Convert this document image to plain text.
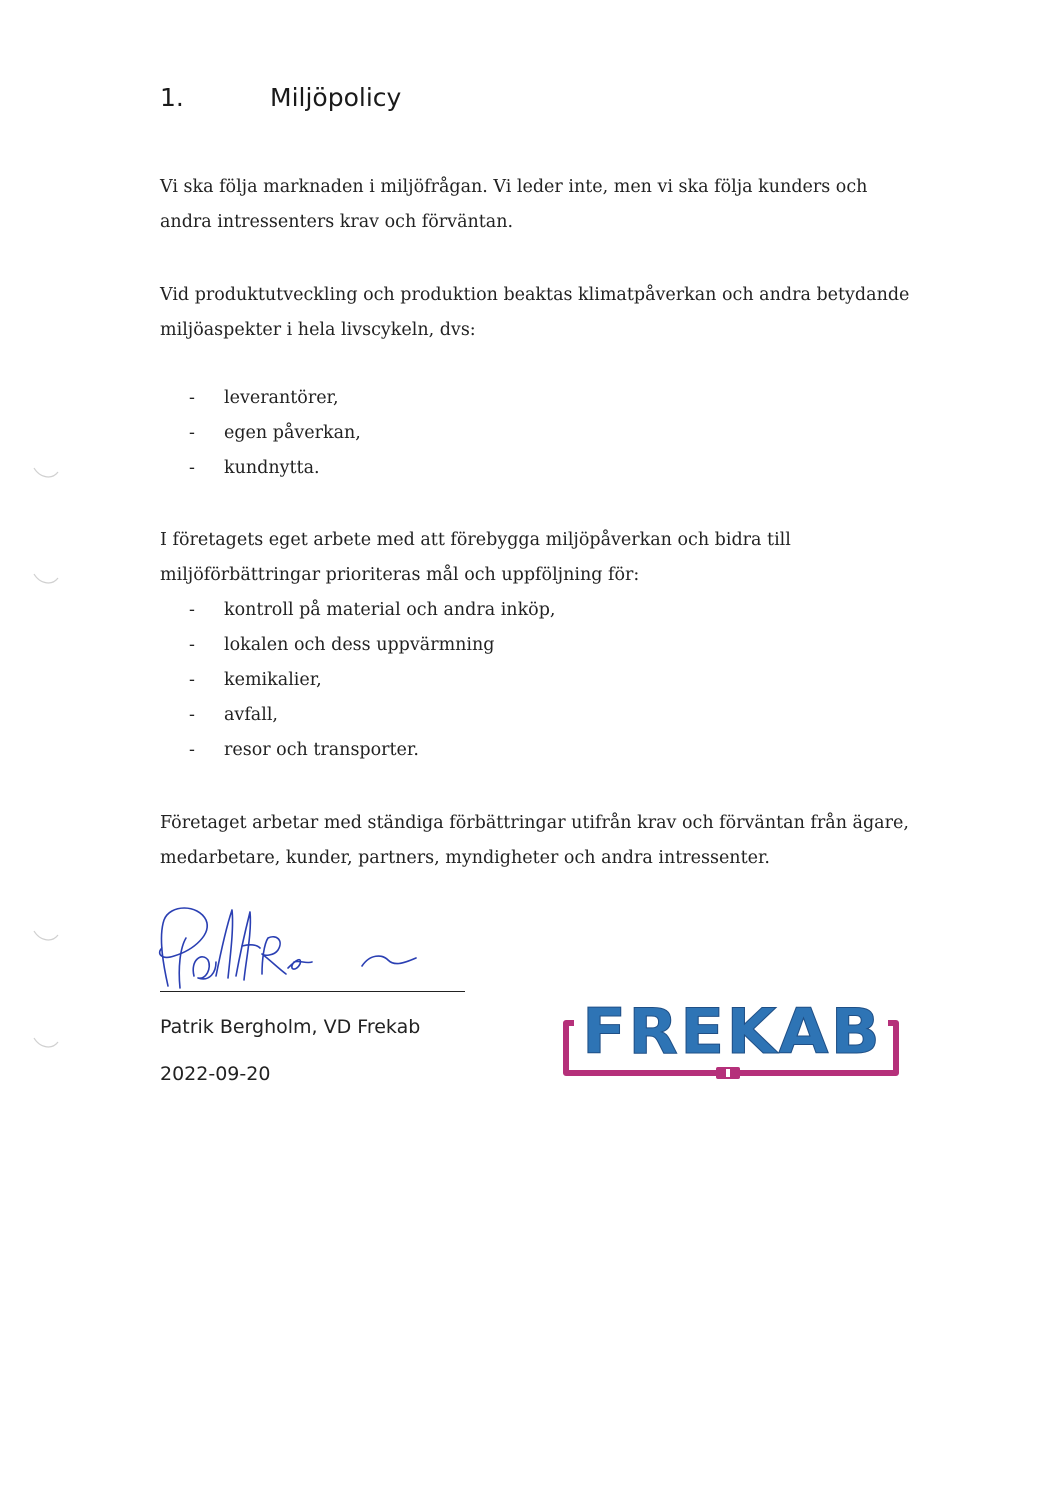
1.	Miljöpolicy

Vi ska följa marknaden i miljöfrågan. Vi leder inte, men vi ska följa kunders och
andra intressenters krav och förväntan.

Vid produktutveckling och produktion beaktas klimatpåverkan och andra betydande
miljöaspekter i hela livscykeln, dvs:

- leverantörer,
- egen påverkan,
- kundnytta.

I företagets eget arbete med att förebygga miljöpåverkan och bidra till
miljöförbättringar prioriteras mål och uppföljning för:

- kontroll på material och andra inköp,
- lokalen och dess uppvärmning
- kemikalier,
- avfall,
- resor och transporter.

Företaget arbetar med ständiga förbättringar utifrån krav och förväntan från ägare,
medarbetare, kunder, partners, myndigheter och andra intressenter.

Patrik Bergholm, VD Frekab
2022-09-20
FREKAB
